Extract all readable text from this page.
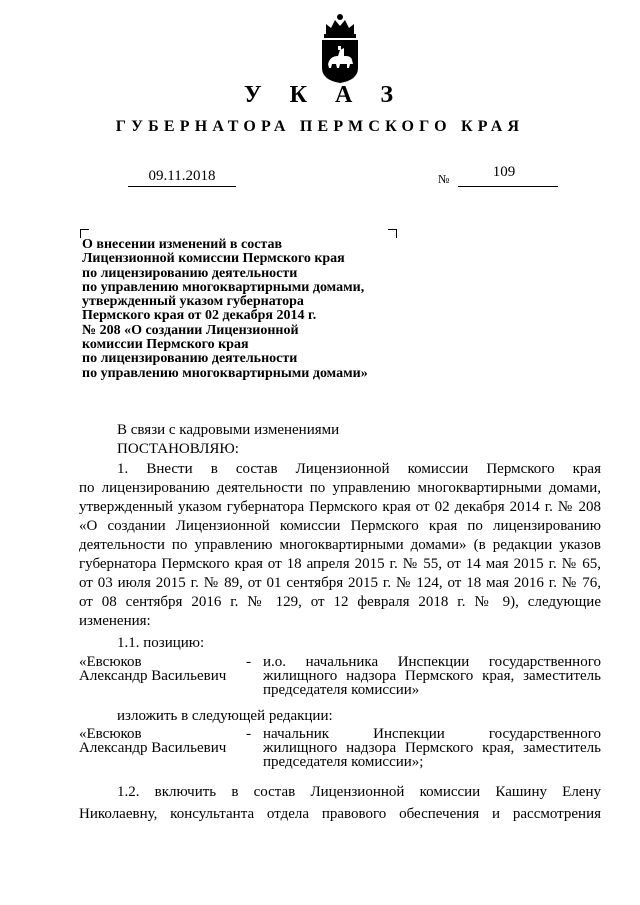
У К А З
ГУБЕРНАТОРА ПЕРМСКОГО КРАЯ
09.11.2018	№	109
О внесении изменений в состав
Лицензионной комиссии Пермского края
по лицензированию деятельности
по управлению многоквартирными домами,
утвержденный указом губернатора
Пермского края от 02 декабря 2014 г.
№ 208 «О создании Лицензионной
комиссии Пермского края
по лицензированию деятельности
по управлению многоквартирными домами»
В связи с кадровыми изменениями
ПОСТАНОВЛЯЮ:
1. Внести в состав Лицензионной комиссии Пермского края
по лицензированию деятельности по управлению многоквартирными домами,
утвержденный указом губернатора Пермского края от 02 декабря 2014 г. № 208
«О создании Лицензионной комиссии Пермского края по лицензированию
деятельности по управлению многоквартирными домами» (в редакции указов
губернатора Пермского края от 18 апреля 2015 г. № 55, от 14 мая 2015 г. № 65,
от 03 июля 2015 г. № 89, от 01 сентября 2015 г. № 124, от 18 мая 2016 г. № 76,
от 08 сентября 2016 г. № 129, от 12 февраля 2018 г. № 9), следующие
изменения:
1.1. позицию:
«Евсюков
Александр Васильевич
- и.о. начальника Инспекции государственного
жилищного надзора Пермского края, заместитель
председателя комиссии»
изложить в следующей редакции:
«Евсюков
Александр Васильевич
- начальник Инспекции государственного
жилищного надзора Пермского края, заместитель
председателя комиссии»;
1.2. включить в состав Лицензионной комиссии Кашину Елену
Николаевну, консультанта отдела правового обеспечения и рассмотрения
